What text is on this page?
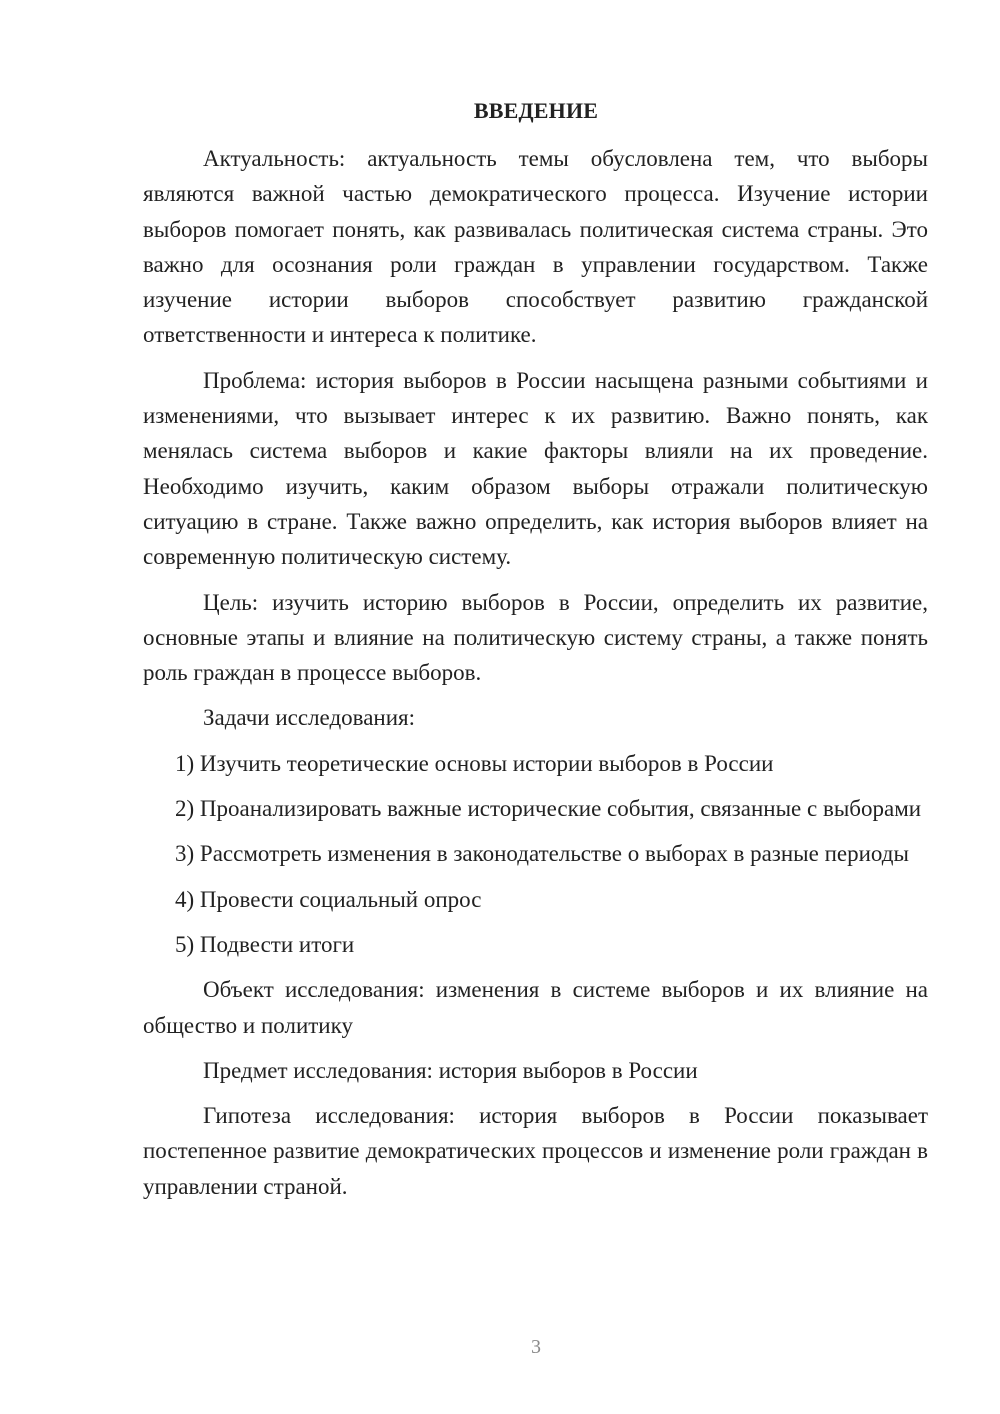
ВВЕДЕНИЕ

Актуальность: актуальность темы обусловлена тем, что выборы являются важной частью демократического процесса. Изучение истории выборов помогает понять, как развивалась политическая система страны. Это важно для осознания роли граждан в управлении государством. Также изучение истории выборов способствует развитию гражданской ответственности и интереса к политике.

Проблема: история выборов в России насыщена разными событиями и изменениями, что вызывает интерес к их развитию. Важно понять, как менялась система выборов и какие факторы влияли на их проведение. Необходимо изучить, каким образом выборы отражали политическую ситуацию в стране. Также важно определить, как история выборов влияет на современную политическую систему.

Цель: изучить историю выборов в России, определить их развитие, основные этапы и влияние на политическую систему страны, а также понять роль граждан в процессе выборов.

Задачи исследования:

1) Изучить теоретические основы истории выборов в России

2) Проанализировать важные исторические события, связанные с выборами

3) Рассмотреть изменения в законодательстве о выборах в разные периоды

4) Провести социальный опрос

5) Подвести итоги

Объект исследования: изменения в системе выборов и их влияние на общество и политику

Предмет исследования: история выборов в России

Гипотеза исследования: история выборов в России показывает постепенное развитие демократических процессов и изменение роли граждан в управлении страной.

3
